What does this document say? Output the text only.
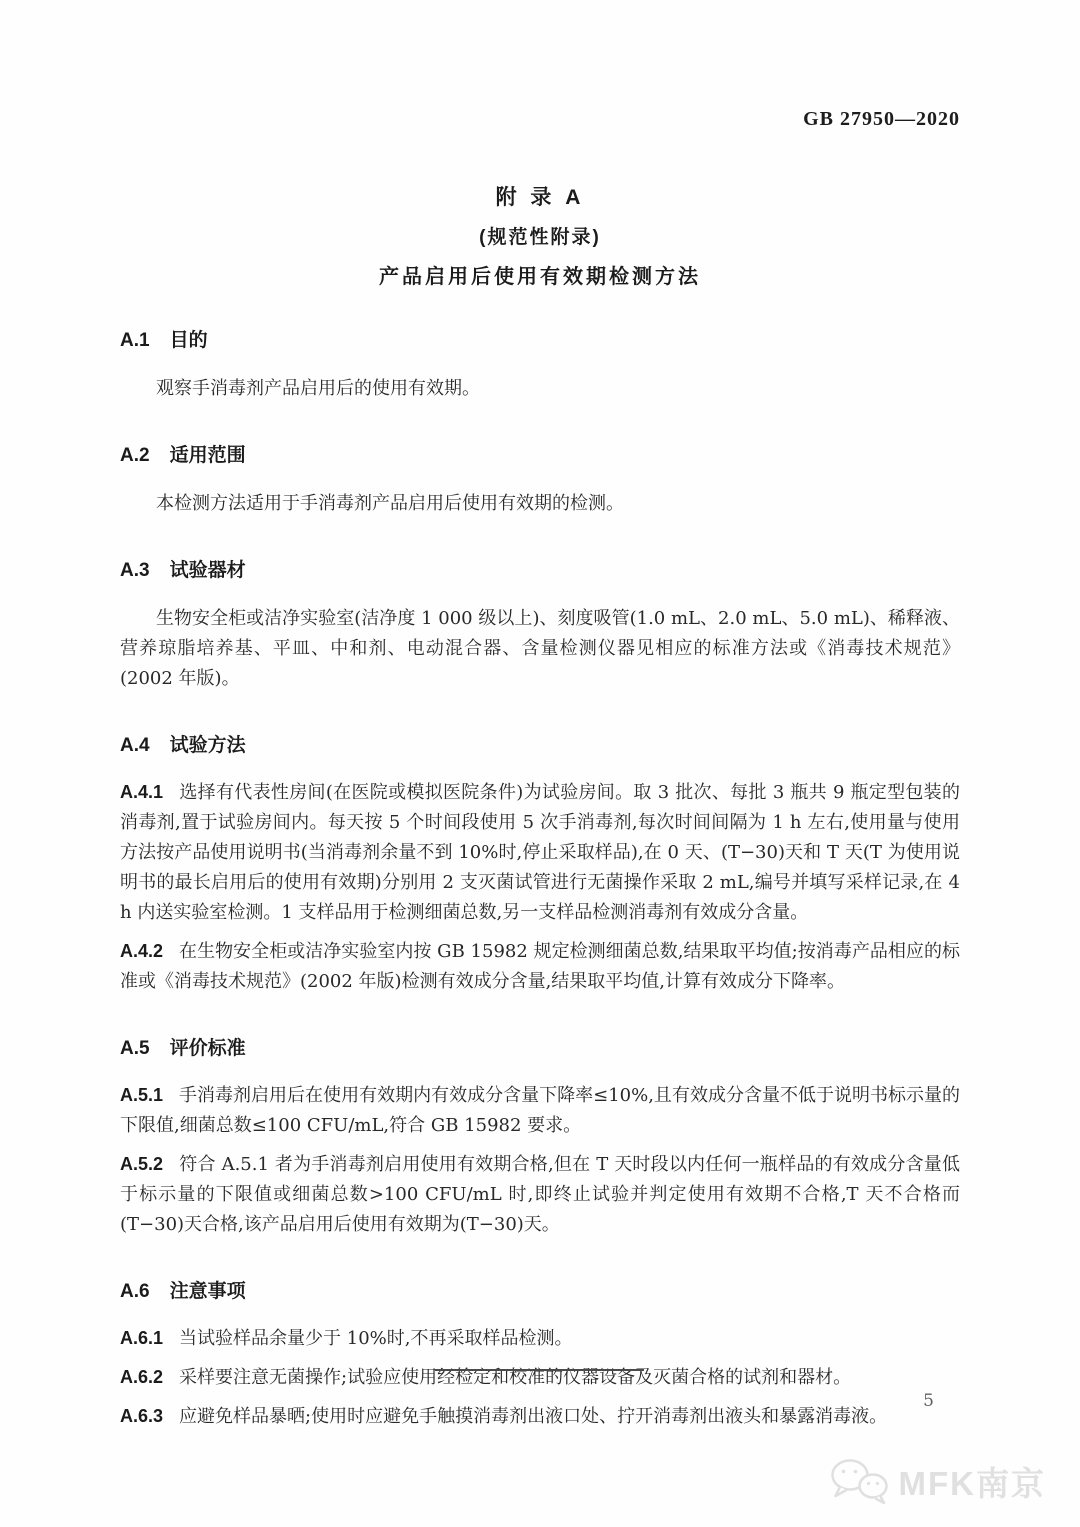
GB 27950—2020
附 录 A
(规范性附录)
产品启用后使用有效期检测方法
A.1 目的

观察手消毒剂产品启用后的使用有效期。

A.2 适用范围

本检测方法适用于手消毒剂产品启用后使用有效期的检测。

A.3 试验器材

生物安全柜或洁净实验室(洁净度 1 000 级以上)、刻度吸管(1.0 mL、2.0 mL、5.0 mL)、稀释液、营养琼脂培养基、平皿、中和剂、电动混合器、含量检测仪器见相应的标准方法或《消毒技术规范》(2002 年版)。

A.4 试验方法

A.4.1 选择有代表性房间(在医院或模拟医院条件)为试验房间。取 3 批次、每批 3 瓶共 9 瓶定型包装的消毒剂,置于试验房间内。每天按 5 个时间段使用 5 次手消毒剂,每次时间间隔为 1 h 左右,使用量与使用方法按产品使用说明书(当消毒剂余量不到 10%时,停止采取样品),在 0 天、(T−30)天和 T 天(T 为使用说明书的最长启用后的使用有效期)分别用 2 支灭菌试管进行无菌操作采取 2 mL,编号并填写采样记录,在 4 h 内送实验室检测。1 支样品用于检测细菌总数,另一支样品检测消毒剂有效成分含量。

A.4.2 在生物安全柜或洁净实验室内按 GB 15982 规定检测细菌总数,结果取平均值;按消毒产品相应的标准或《消毒技术规范》(2002 年版)检测有效成分含量,结果取平均值,计算有效成分下降率。

A.5 评价标准

A.5.1 手消毒剂启用后在使用有效期内有效成分含量下降率≤10%,且有效成分含量不低于说明书标示量的下限值,细菌总数≤100 CFU/mL,符合 GB 15982 要求。

A.5.2 符合 A.5.1 者为手消毒剂启用使用有效期合格,但在 T 天时段以内任何一瓶样品的有效成分含量低于标示量的下限值或细菌总数>100 CFU/mL 时,即终止试验并判定使用有效期不合格,T 天不合格而(T−30)天合格,该产品启用后使用有效期为(T−30)天。

A.6 注意事项

A.6.1 当试验样品余量少于 10%时,不再采取样品检测。

A.6.2 采样要注意无菌操作;试验应使用经检定和校准的仪器设备及灭菌合格的试剂和器材。

A.6.3 应避免样品暴晒;使用时应避免手触摸消毒剂出液口处、拧开消毒剂出液头和暴露消毒液。

5
MFK南京
